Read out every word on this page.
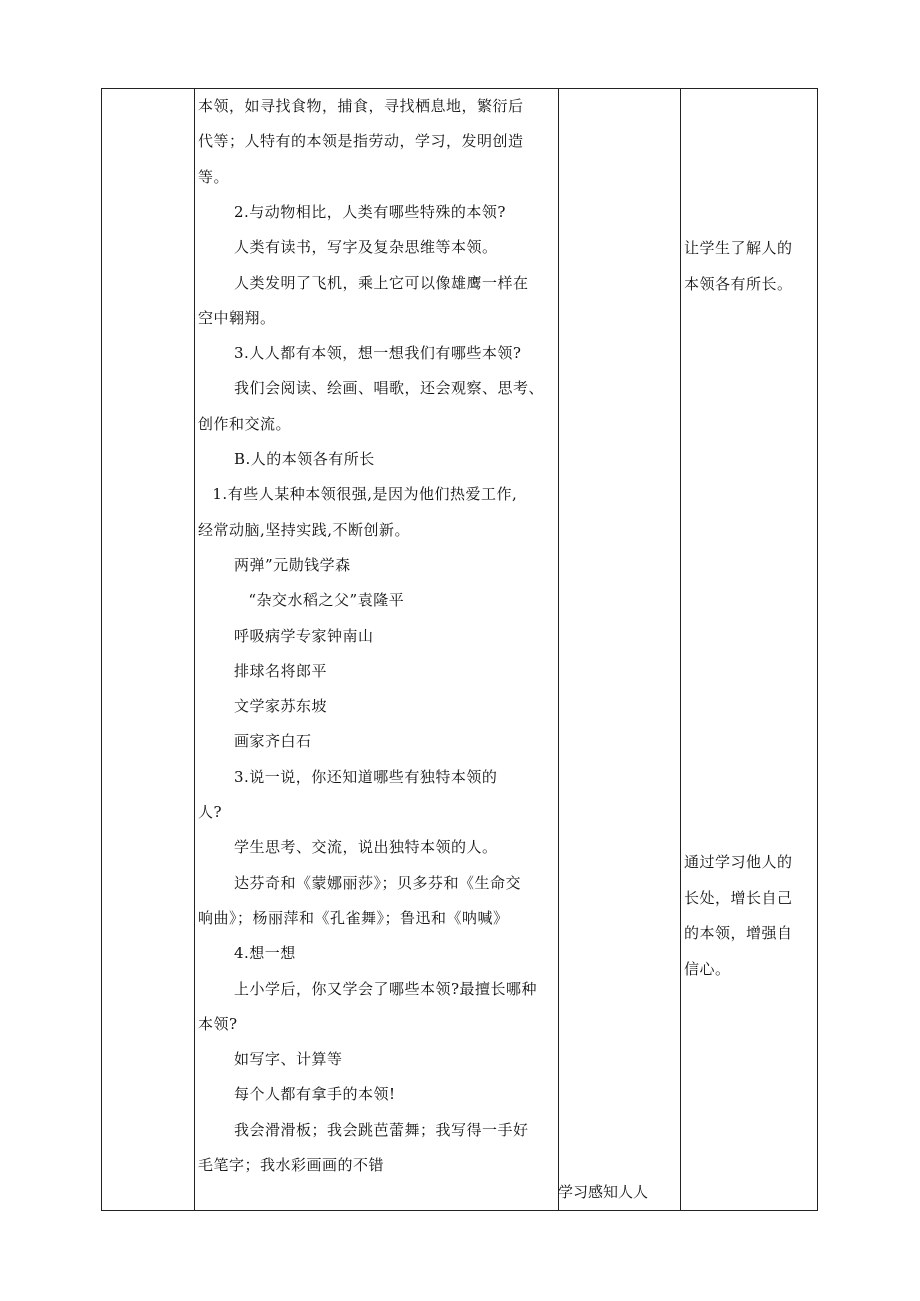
本领，如寻找食物，捕食，寻找栖息地，繁衍后
代等；人特有的本领是指劳动，学习，发明创造
等。
2.与动物相比，人类有哪些特殊的本领?
人类有读书，写字及复杂思维等本领。
人类发明了飞机，乘上它可以像雄鹰一样在
空中翱翔。
3.人人都有本领，想一想我们有哪些本领?
我们会阅读、绘画、唱歌，还会观察、思考、
创作和交流。
B.人的本领各有所长
1.有些人某种本领很强,是因为他们热爱工作,
经常动脑,坚持实践,不断创新。
两弹”元勋钱学森
“杂交水稻之父”袁隆平
呼吸病学专家钟南山
排球名将郎平
文学家苏东坡
画家齐白石
3.说一说，你还知道哪些有独特本领的
人?
学生思考、交流，说出独特本领的人。
达芬奇和《蒙娜丽莎》；贝多芬和《生命交
响曲》；杨丽萍和《孔雀舞》；鲁迅和《呐喊》
4.想一想
上小学后，你又学会了哪些本领?最擅长哪种
本领?
如写字、计算等
每个人都有拿手的本领!
我会滑滑板；我会跳芭蕾舞；我写得一手好
毛笔字；我水彩画画的不错
让学生了解人的
本领各有所长。
通过学习他人的
长处，增长自己
的本领，增强自
信心。
学习感知人人
